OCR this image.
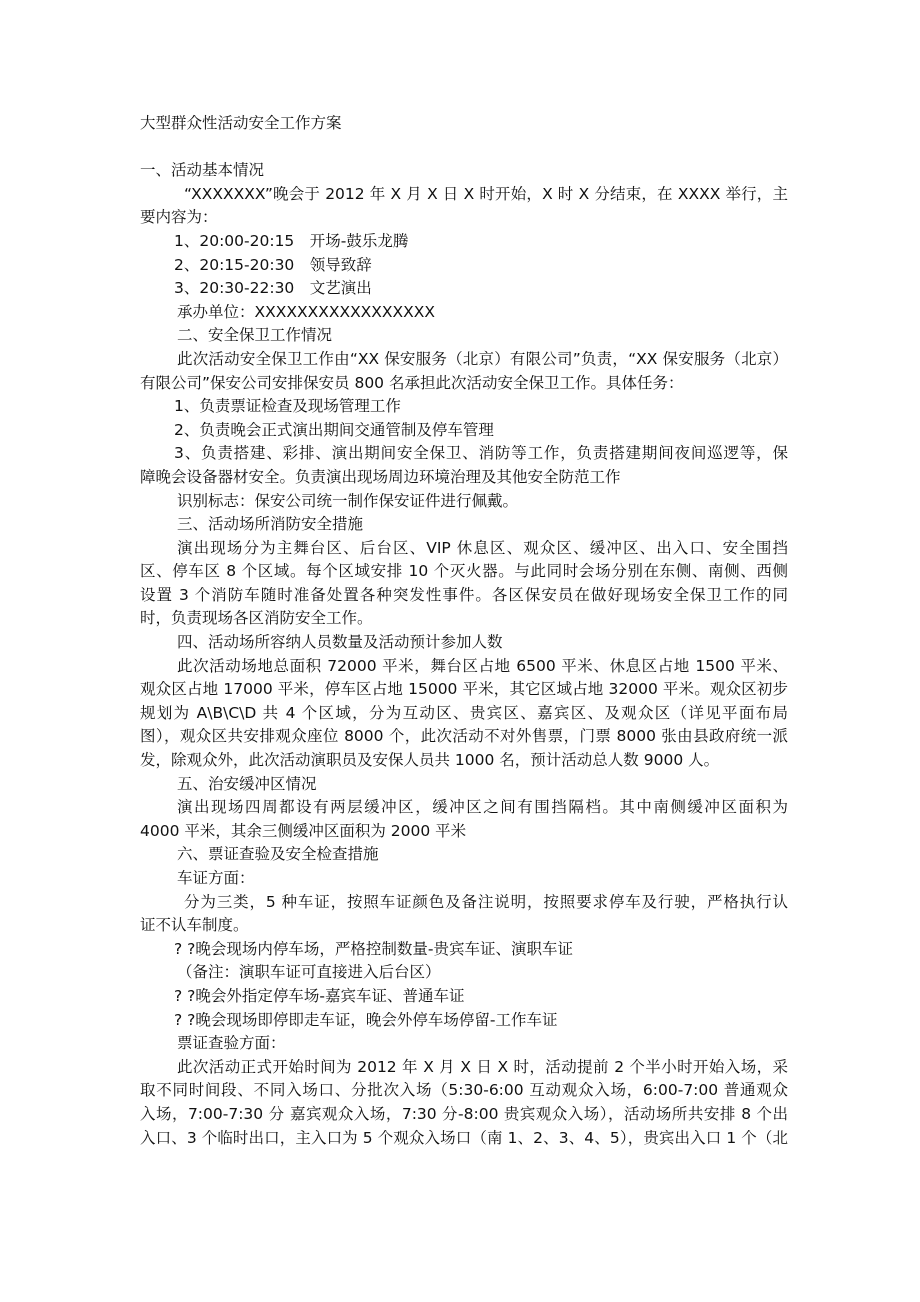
大型群众性活动安全工作方案
一、活动基本情况
“XXXXXXX”晚会于 2012 年 X 月 X 日 X 时开始，X 时 X 分结束，在 XXXX 举行，主
要内容为：
1、20:00-20:15　开场-鼓乐龙腾
2、20:15-20:30　领导致辞
3、20:30-22:30　文艺演出
承办单位：XXXXXXXXXXXXXXXXX
二、安全保卫工作情况
此次活动安全保卫工作由“XX 保安服务（北京）有限公司”负责，“XX 保安服务（北京）
有限公司”保安公司安排保安员 800 名承担此次活动安全保卫工作。具体任务：
1、负责票证检查及现场管理工作
2、负责晚会正式演出期间交通管制及停车管理
3、负责搭建、彩排、演出期间安全保卫、消防等工作，负责搭建期间夜间巡逻等，保
障晚会设备器材安全。负责演出现场周边环境治理及其他安全防范工作
识别标志：保安公司统一制作保安证件进行佩戴。
三、活动场所消防安全措施
演出现场分为主舞台区、后台区、VIP 休息区、观众区、缓冲区、出入口、安全围挡
区、停车区 8 个区域。每个区域安排 10 个灭火器。与此同时会场分别在东侧、南侧、西侧
设置 3 个消防车随时准备处置各种突发性事件。各区保安员在做好现场安全保卫工作的同
时，负责现场各区消防安全工作。
四、活动场所容纳人员数量及活动预计参加人数
此次活动场地总面积 72000 平米，舞台区占地 6500 平米、休息区占地 1500 平米、
观众区占地 17000 平米，停车区占地 15000 平米，其它区域占地 32000 平米。观众区初步
规划为 A\B\C\D 共 4 个区域，分为互动区、贵宾区、嘉宾区、及观众区（详见平面布局
图），观众区共安排观众座位 8000 个，此次活动不对外售票，门票 8000 张由县政府统一派
发，除观众外，此次活动演职员及安保人员共 1000 名，预计活动总人数 9000 人。
五、治安缓冲区情况
演出现场四周都设有两层缓冲区，缓冲区之间有围挡隔档。其中南侧缓冲区面积为
4000 平米，其余三侧缓冲区面积为 2000 平米
六、票证查验及安全检查措施
车证方面：
分为三类，5 种车证，按照车证颜色及备注说明，按照要求停车及行驶，严格执行认
证不认车制度。
? ?晚会现场内停车场，严格控制数量-贵宾车证、演职车证
（备注：演职车证可直接进入后台区）
? ?晚会外指定停车场-嘉宾车证、普通车证
? ?晚会现场即停即走车证，晚会外停车场停留-工作车证
票证查验方面：
此次活动正式开始时间为 2012 年 X 月 X 日 X 时，活动提前 2 个半小时开始入场，采
取不同时间段、不同入场口、分批次入场（5:30-6:00 互动观众入场，6:00-7:00 普通观众
入场，7:00-7:30 分 嘉宾观众入场，7:30 分-8:00 贵宾观众入场），活动场所共安排 8 个出
入口、3 个临时出口，主入口为 5 个观众入场口（南 1、2、3、4、5），贵宾出入口 1 个（北
